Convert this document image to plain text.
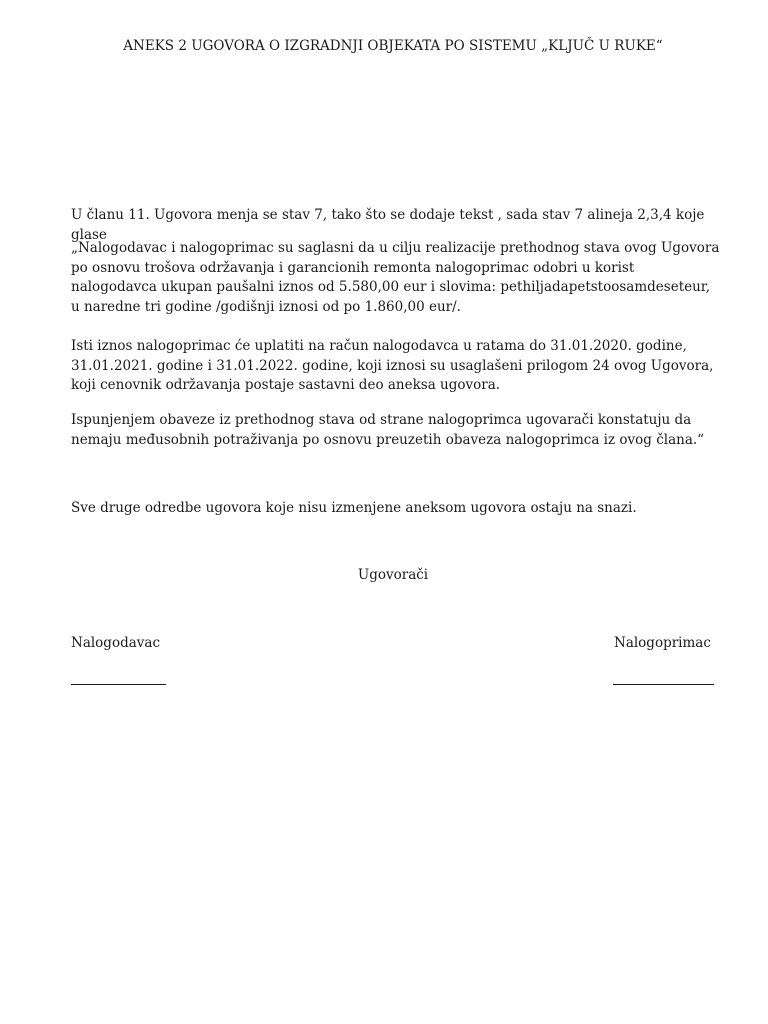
ANEKS 2 UGOVORA O IZGRADNJI OBJEKATA PO SISTEMU „KLJUČ U RUKE“

U članu 11. Ugovora menja se stav 7, tako što se dodaje tekst , sada stav 7 alineja 2,3,4 koje glase

„Nalogodavac i nalogoprimac su saglasni da u cilju realizacije prethodnog stava ovog Ugovora po osnovu trošova održavanja i garancionih remonta nalogoprimac odobri u korist nalogodavca ukupan paušalni iznos od 5.580,00 eur i slovima: pethiljadapetstoosamdeseteur, u naredne tri godine /godišnji iznosi od po 1.860,00 eur/.

Isti iznos nalogoprimac će uplatiti na račun nalogodavca u ratama do 31.01.2020. godine, 31.01.2021. godine i 31.01.2022. godine, koji iznosi su usaglašeni prilogom 24 ovog Ugovora, koji cenovnik održavanja postaje sastavni deo aneksa ugovora.

Ispunjenjem obaveze iz prethodnog stava od strane nalogoprimca ugovarači konstatuju da nemaju međusobnih potraživanja po osnovu preuzetih obaveza nalogoprimca iz ovog člana.“

Sve druge odredbe ugovora koje nisu izmenjene aneksom ugovora ostaju na snazi.

Ugovorači
Nalogodavac	Nalogoprimac
